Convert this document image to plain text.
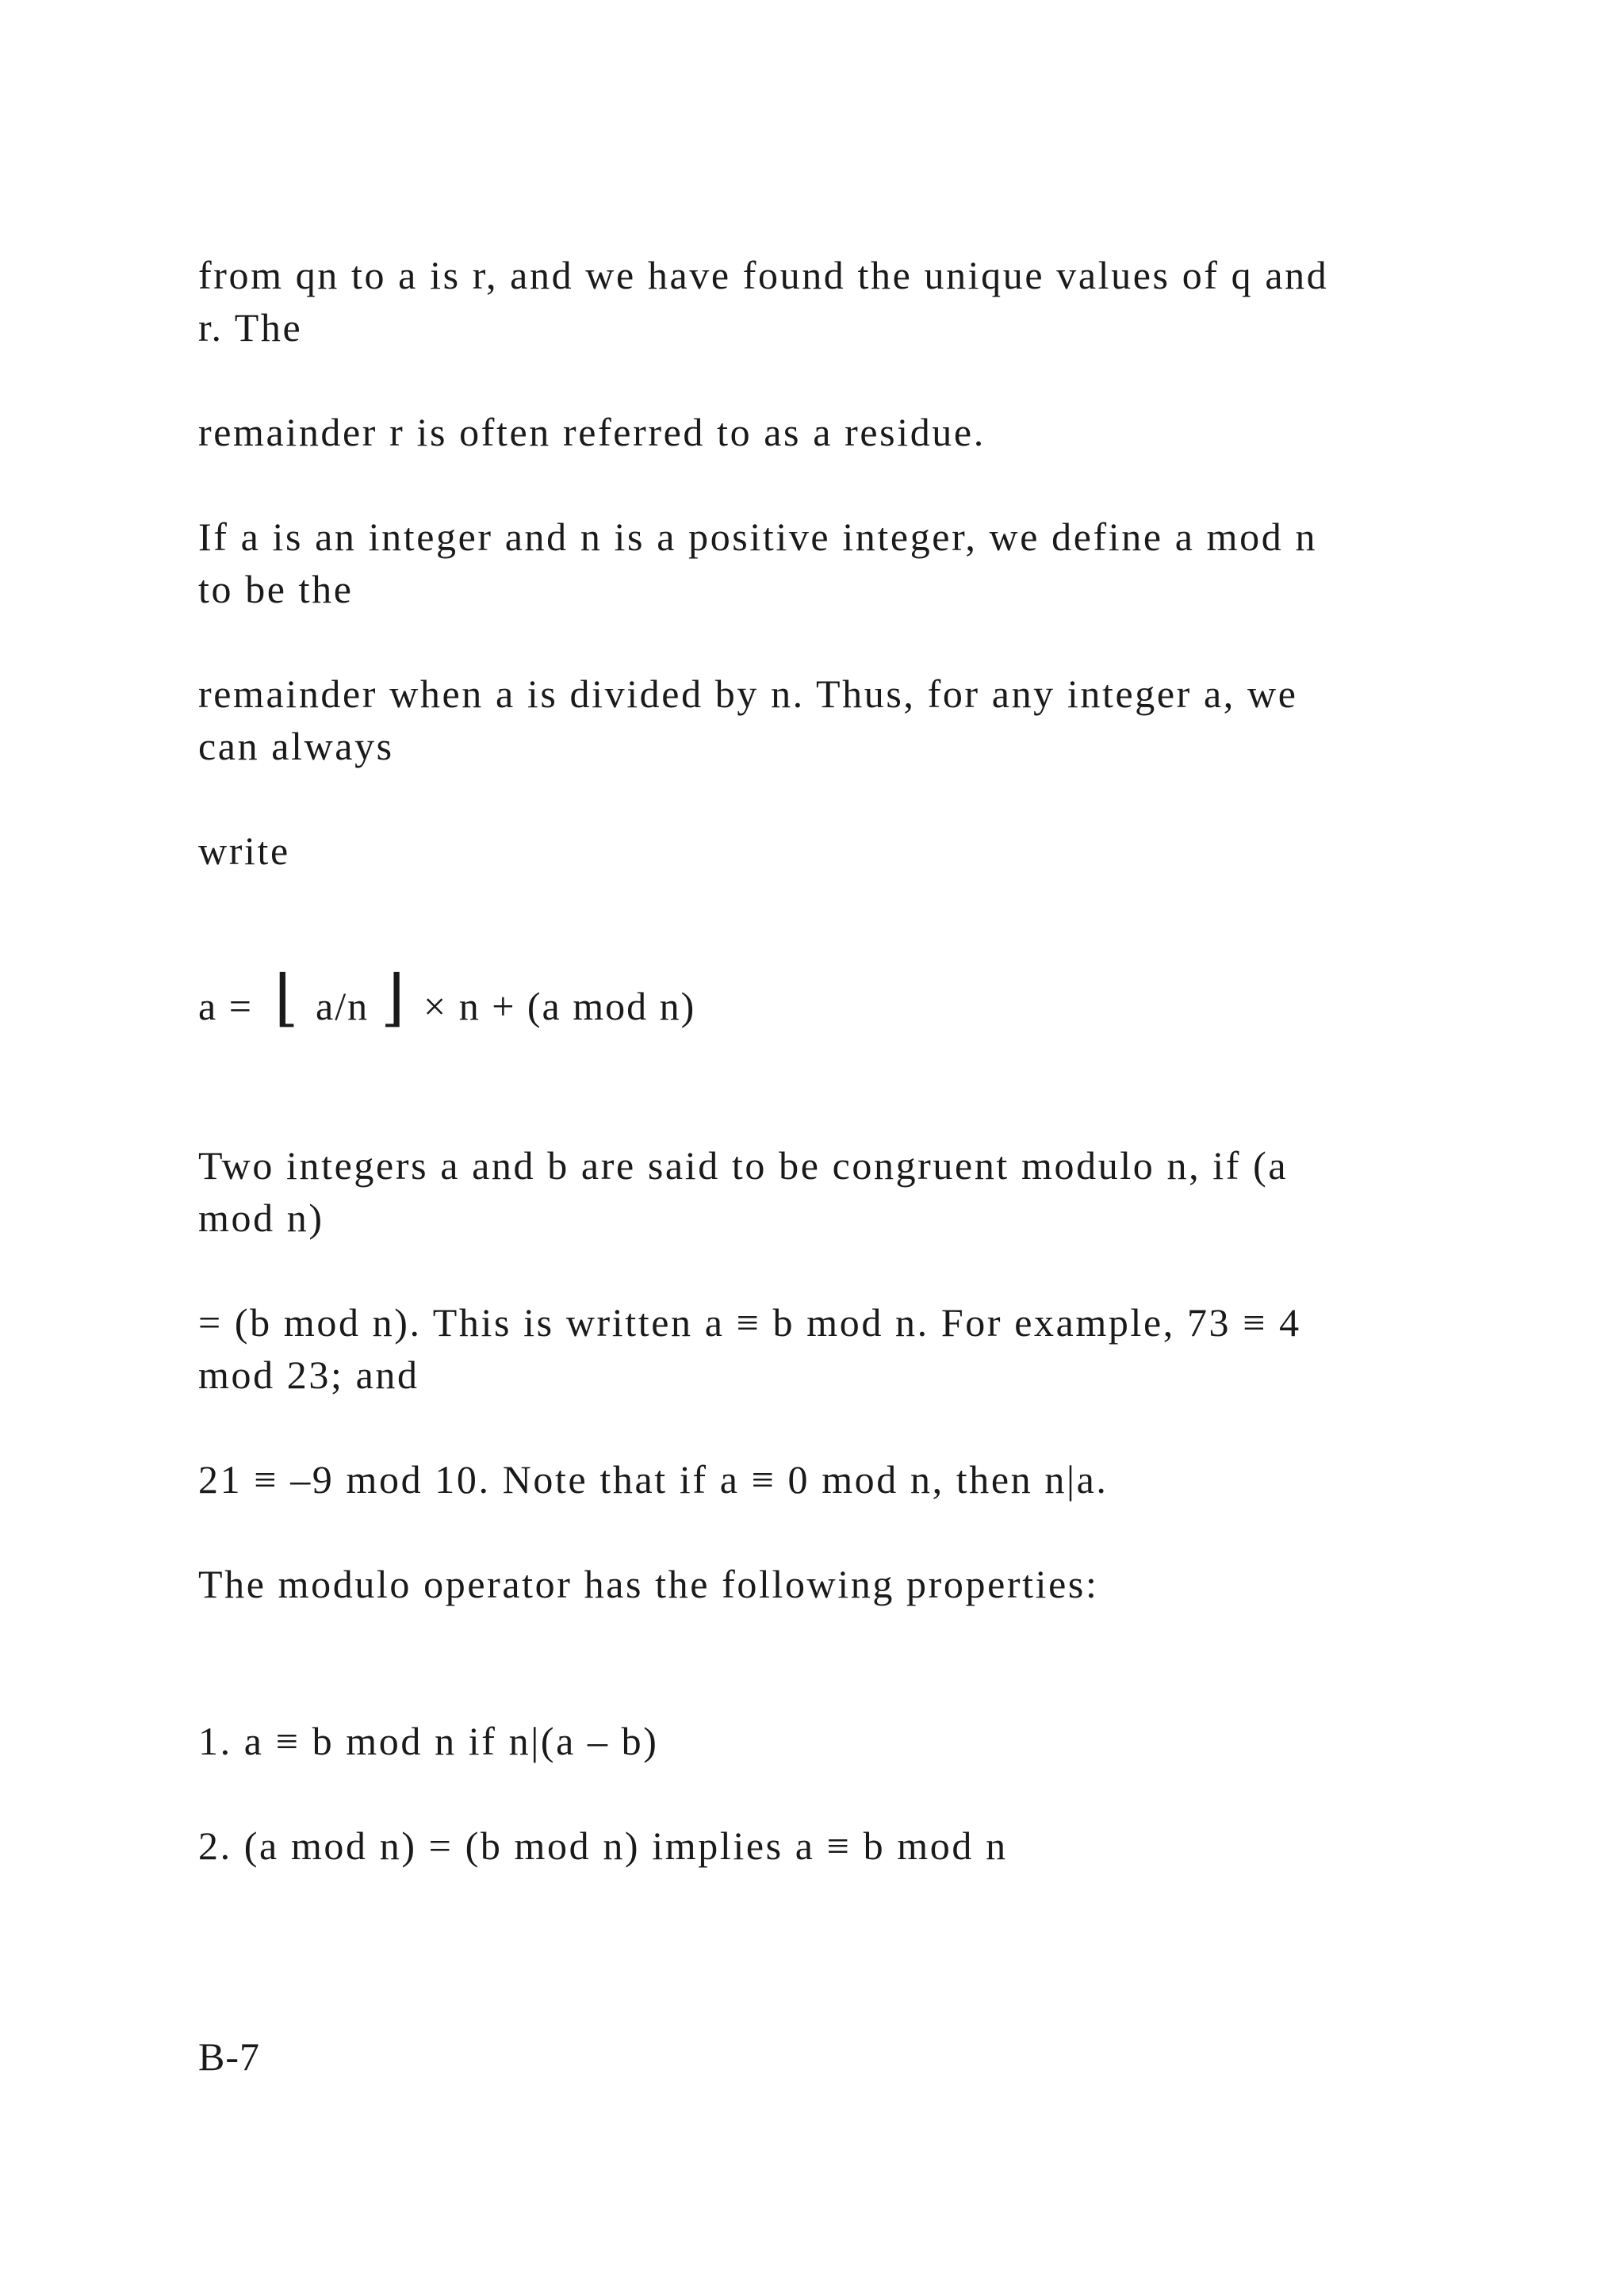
from qn to a is r, and we have found the unique values of q and
r. The
remainder r is often referred to as a residue.
If a is an integer and n is a positive integer, we define a mod n
to be the
remainder when a is divided by n. Thus, for any integer a, we
can always
write
a = ⌊ a/n ⌋ × n + (a mod n)
Two integers a and b are said to be congruent modulo n, if (a
mod n)
= (b mod n). This is written a ≡ b mod n. For example, 73 ≡ 4
mod 23; and
21 ≡ –9 mod 10. Note that if a ≡ 0 mod n, then n|a.
The modulo operator has the following properties:
1. a ≡ b mod n if n|(a – b)
2. (a mod n) = (b mod n) implies a ≡ b mod n
B-7
